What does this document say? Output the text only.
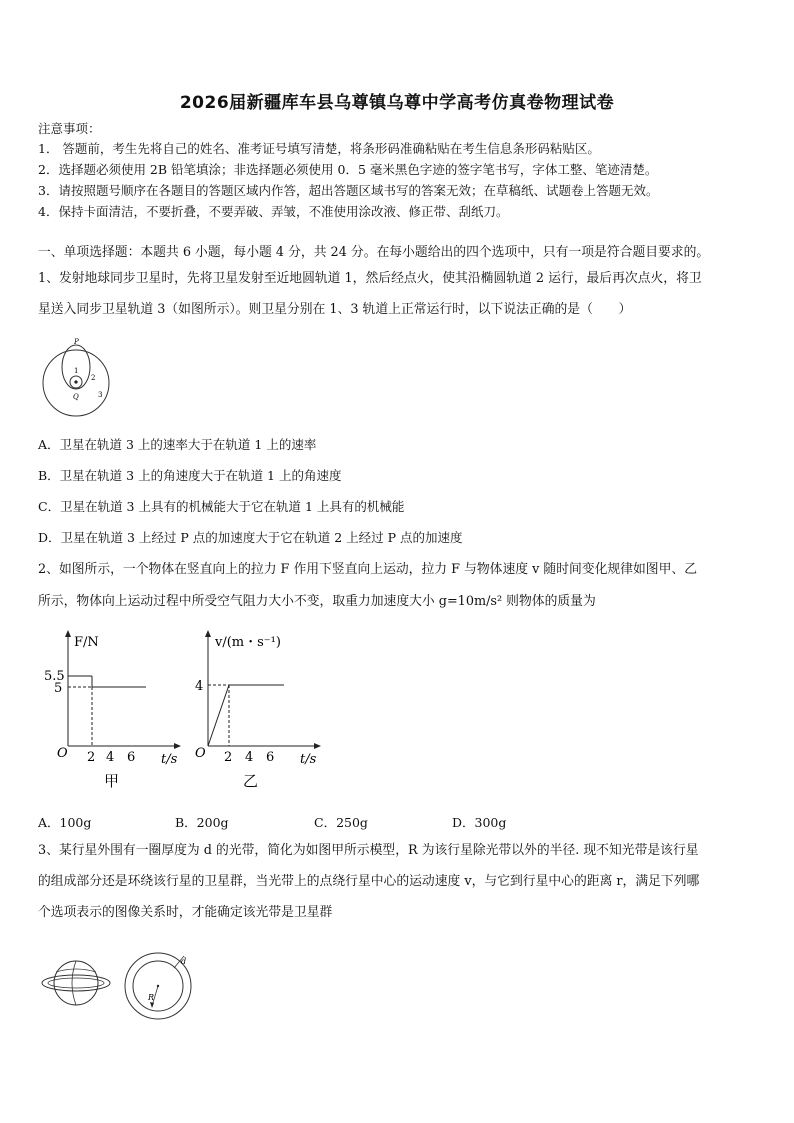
2026届新疆库车县乌尊镇乌尊中学高考仿真卷物理试卷
注意事项：
1． 答题前，考生先将自己的姓名、准考证号填写清楚，将条形码准确粘贴在考生信息条形码粘贴区。
2．选择题必须使用 2B 铅笔填涂；非选择题必须使用 0．5 毫米黑色字迹的签字笔书写，字体工整、笔迹清楚。
3．请按照题号顺序在各题目的答题区域内作答，超出答题区域书写的答案无效；在草稿纸、试题卷上答题无效。
4．保持卡面清洁，不要折叠，不要弄破、弄皱，不准使用涂改液、修正带、刮纸刀。
一、单项选择题：本题共 6 小题，每小题 4 分，共 24 分。在每小题给出的四个选项中，只有一项是符合题目要求的。
1、发射地球同步卫星时，先将卫星发射至近地圆轨道 1，然后经点火，使其沿椭圆轨道 2 运行，最后再次点火，将卫
星送入同步卫星轨道 3（如图所示）。则卫星分别在 1、3 轨道上正常运行时，以下说法正确的是（　　）
P
Q
1
2
3
A．卫星在轨道 3 上的速率大于在轨道 1 上的速率
B．卫星在轨道 3 上的角速度大于在轨道 1 上的角速度
C．卫星在轨道 3 上具有的机械能大于它在轨道 1 上具有的机械能
D．卫星在轨道 3 上经过 P 点的加速度大于它在轨道 2 上经过 P 点的加速度
2、如图所示，一个物体在竖直向上的拉力 F 作用下竖直向上运动，拉力 F 与物体速度 v 随时间变化规律如图甲、乙
所示，物体向上运动过程中所受空气阻力大小不变，取重力加速度大小 g=10m/s² 则物体的质量为
F/N
5.5
5
O 2 4 6 t/s
甲
v/(m・s⁻¹)
4
O 2 4 6 t/s
乙
A．100g	B．200g	C．250g	D．300g
3、某行星外围有一圈厚度为 d 的光带，简化为如图甲所示模型，R 为该行星除光带以外的半径. 现不知光带是该行星
的组成部分还是环绕该行星的卫星群，当光带上的点绕行星中心的运动速度 v，与它到行星中心的距离 r，满足下列哪
个选项表示的图像关系时，才能确定该光带是卫星群
R
d
